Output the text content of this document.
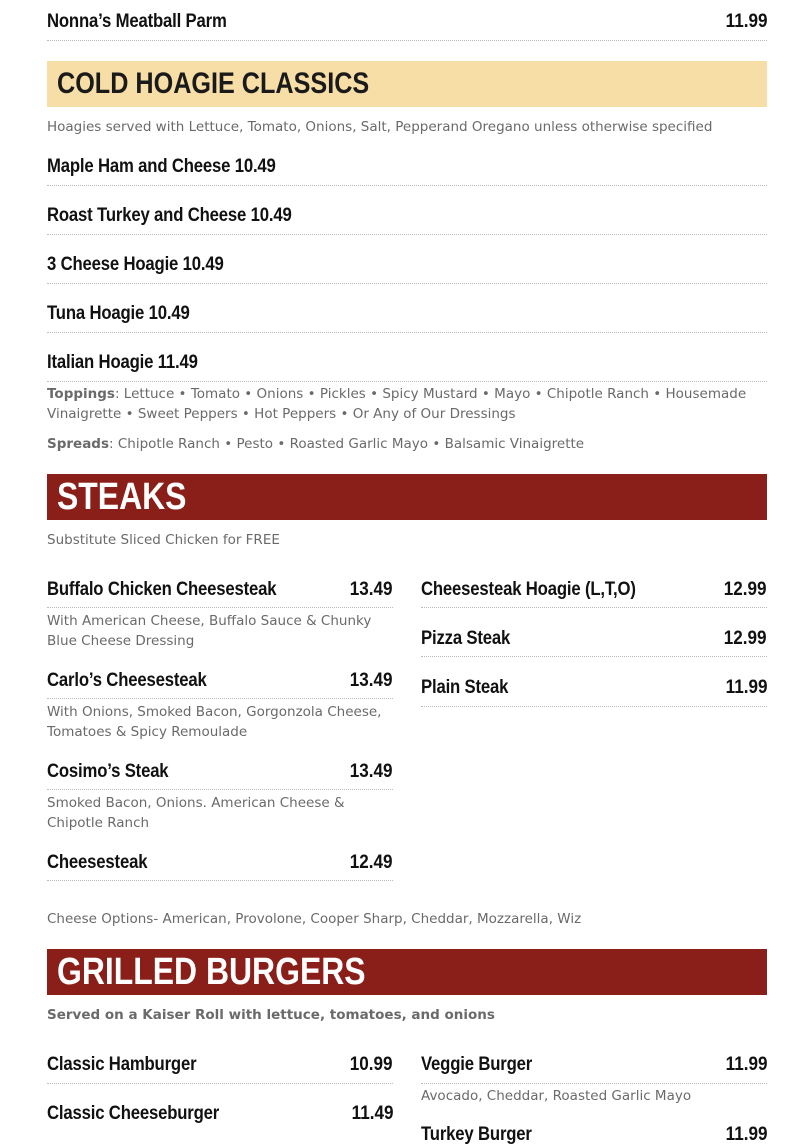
Nonna’s Meatball Parm	11.99
COLD HOAGIE CLASSICS
Hoagies served with Lettuce, Tomato, Onions, Salt, Pepperand Oregano unless otherwise specified
Maple Ham and Cheese 10.49
Roast Turkey and Cheese 10.49
3 Cheese Hoagie 10.49
Tuna Hoagie 10.49
Italian Hoagie 11.49
Toppings: Lettuce • Tomato • Onions • Pickles • Spicy Mustard • Mayo • Chipotle Ranch • Housemade Vinaigrette • Sweet Peppers • Hot Peppers • Or Any of Our Dressings
Spreads: Chipotle Ranch • Pesto • Roasted Garlic Mayo • Balsamic Vinaigrette
STEAKS
Substitute Sliced Chicken for FREE
Buffalo Chicken Cheesesteak	13.49
With American Cheese, Buffalo Sauce & Chunky Blue Cheese Dressing
Carlo’s Cheesesteak	13.49
With Onions, Smoked Bacon, Gorgonzola Cheese, Tomatoes & Spicy Remoulade
Cosimo’s Steak	13.49
Smoked Bacon, Onions. American Cheese & Chipotle Ranch
Cheesesteak	12.49
Cheesesteak Hoagie (L,T,O)	12.99
Pizza Steak	12.99
Plain Steak	11.99
Cheese Options- American, Provolone, Cooper Sharp, Cheddar, Mozzarella, Wiz
GRILLED BURGERS
Served on a Kaiser Roll with lettuce, tomatoes, and onions
Classic Hamburger	10.99
Classic Cheeseburger	11.49
Veggie Burger	11.99
Avocado, Cheddar, Roasted Garlic Mayo
Turkey Burger	11.99
